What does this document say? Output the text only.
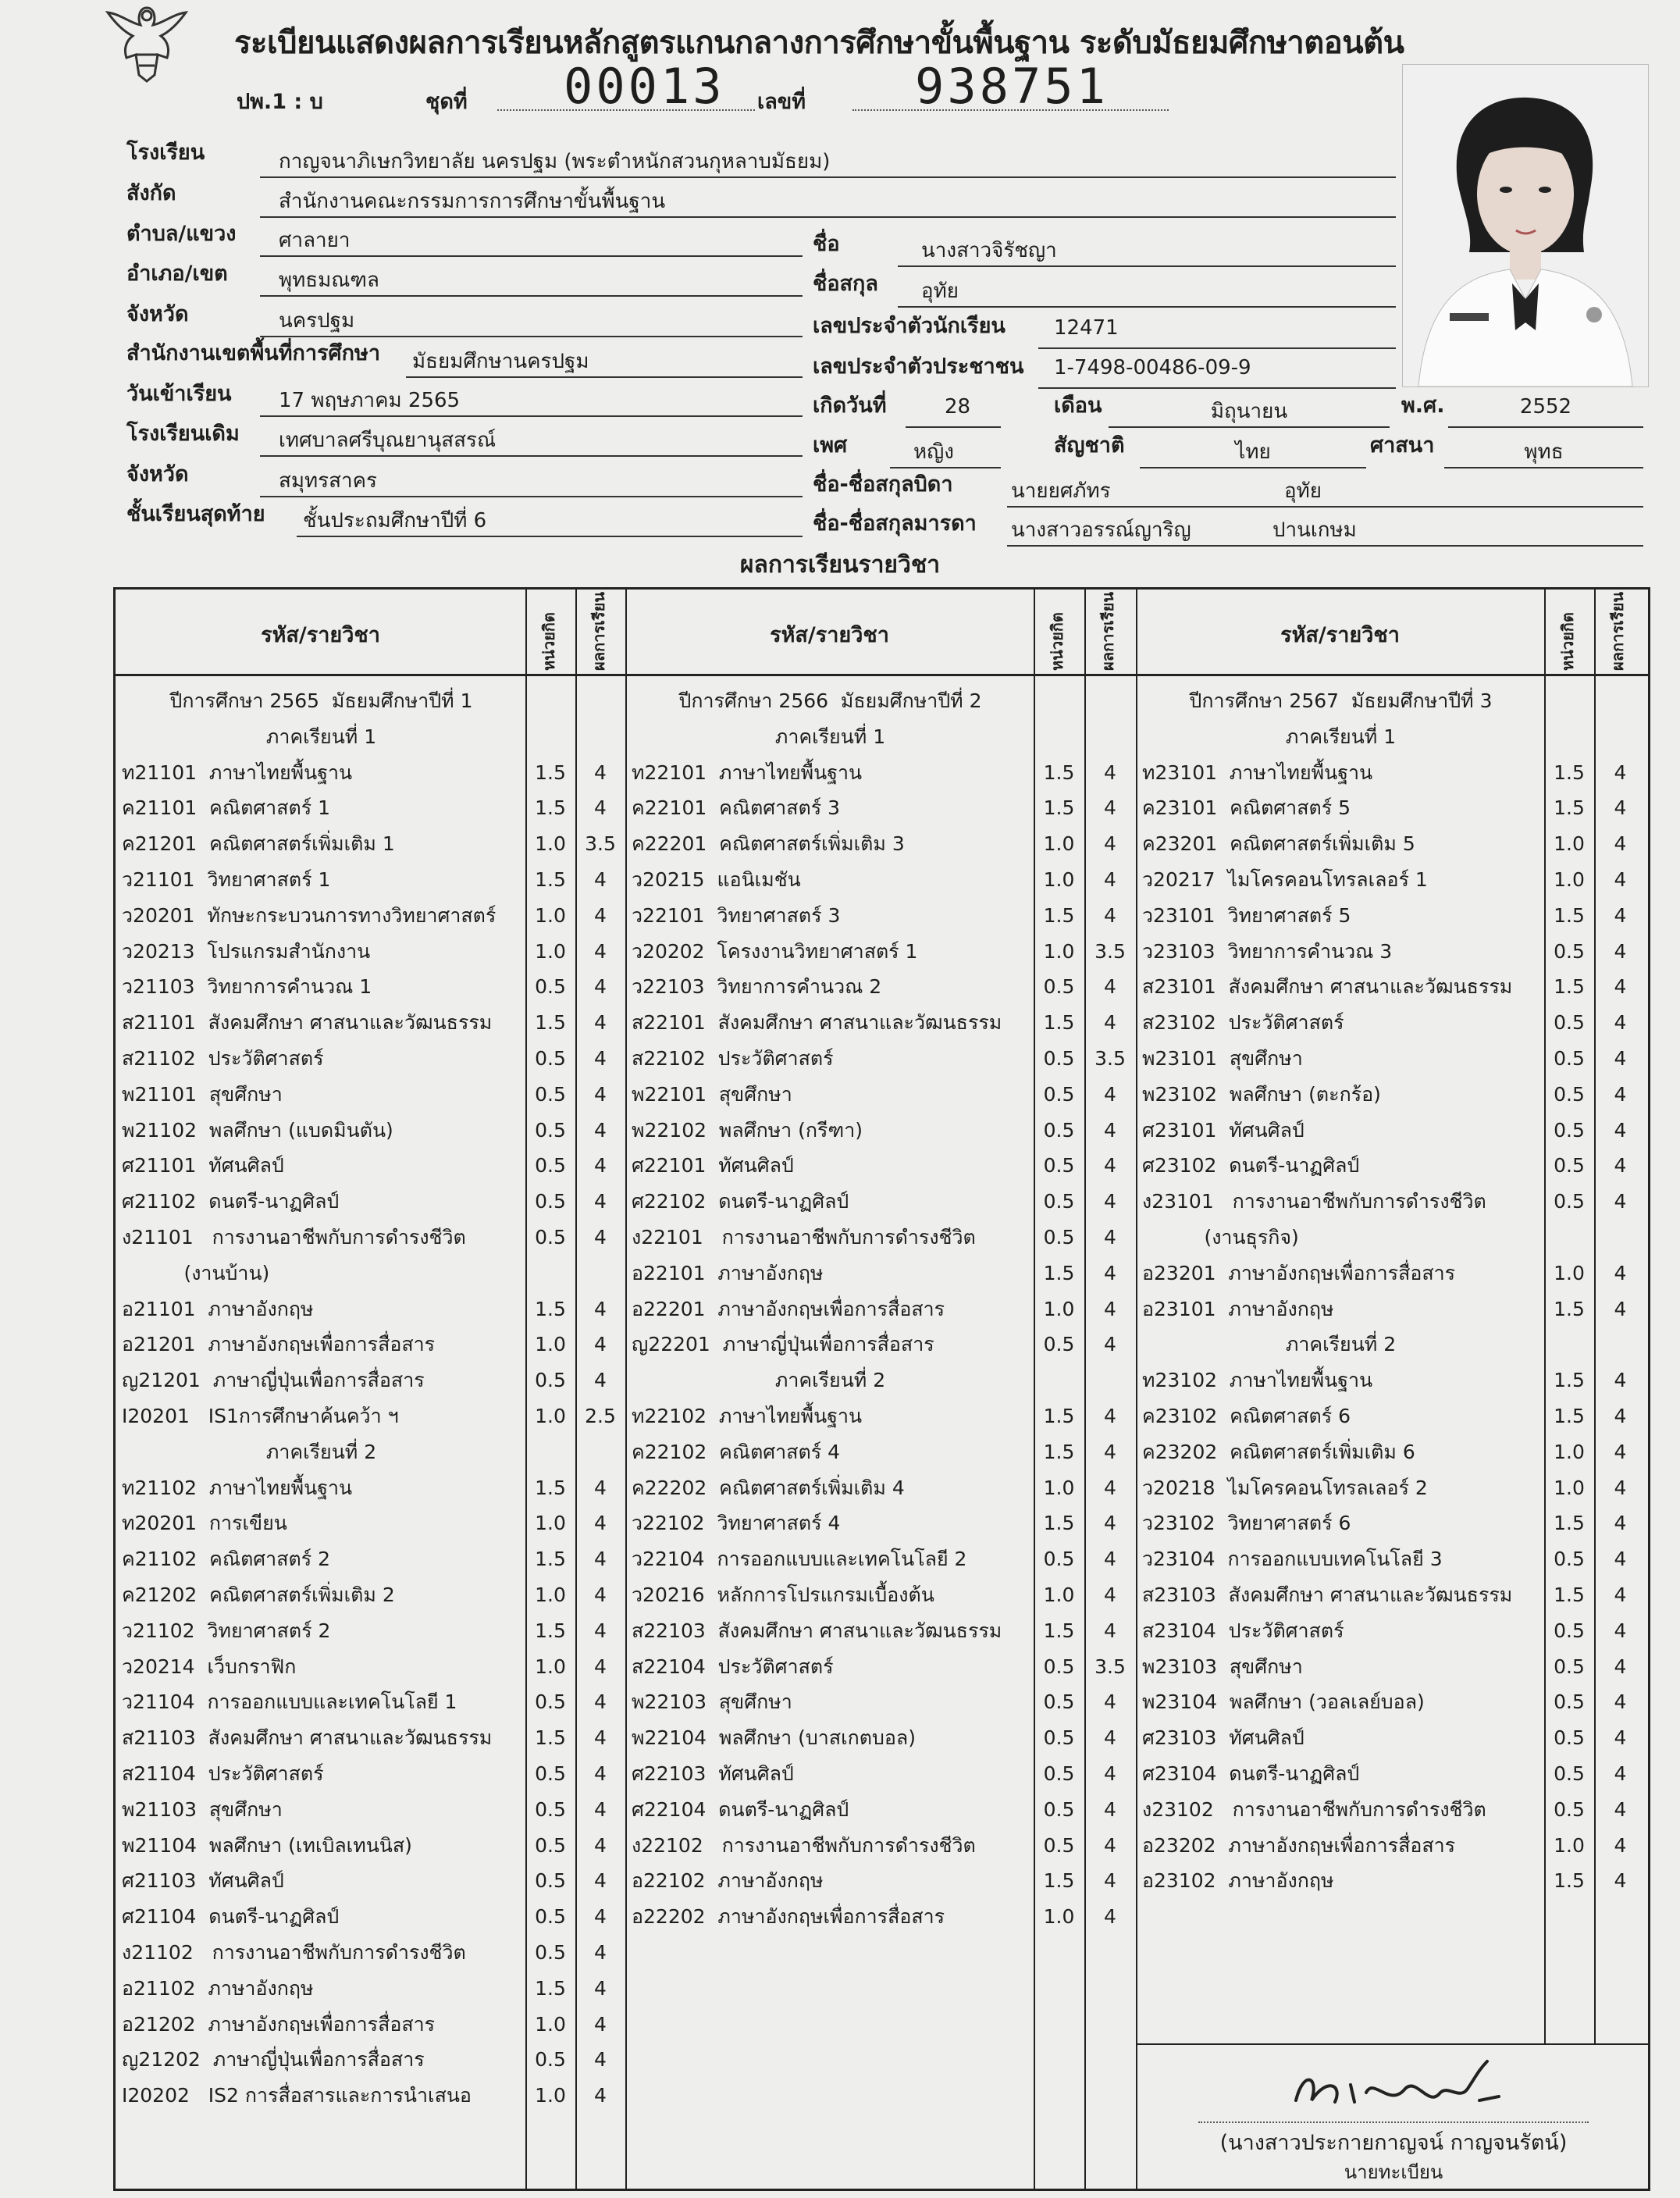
ระเบียนแสดงผลการเรียนหลักสูตรแกนกลางการศึกษาขั้นพื้นฐาน ระดับมัธยมศึกษาตอนต้น
ปพ.1 : บ	ชุดที่ 00013 เลขที่ 938751
โรงเรียน	กาญจนาภิเษกวิทยาลัย นครปฐม (พระตำหนักสวนกุหลาบมัธยม)
สังกัด	สำนักงานคณะกรรมการการศึกษาขั้นพื้นฐาน
ตำบล/แขวง	ศาลายา
อำเภอ/เขต	พุทธมณฑล
จังหวัด	นครปฐม
สำนักงานเขตพื้นที่การศึกษา	มัธยมศึกษานครปฐม
วันเข้าเรียน	17 พฤษภาคม 2565
โรงเรียนเดิม	เทศบาลศรีบุณยานุสสรณ์
จังหวัด	สมุทรสาคร
ชั้นเรียนสุดท้าย	ชั้นประถมศึกษาปีที่ 6
ชื่อ	นางสาวจิรัชญา
ชื่อสกุล	อุทัย
เลขประจำตัวนักเรียน	12471
เลขประจำตัวประชาชน	1-7498-00486-09-9
เกิดวันที่	28	เดือน	มิถุนายน	พ.ศ.	2552
เพศ	หญิง	สัญชาติ	ไทย	ศาสนา	พุทธ
ชื่อ-ชื่อสกุลบิดา	นายยศภัทร	อุทัย
ชื่อ-ชื่อสกุลมารดา นางสาวอรรณ์ญาริญ	ปานเกษม
ผลการเรียนรายวิชา
รหัส/รายวิชา	หน่วยกิต ผลการเรียน
ปีการศึกษา 2565  มัธยมศึกษาปีที่ 1
ภาคเรียนที่ 1
ท21101  ภาษาไทยพื้นฐาน	1.5	4
ค21101  คณิตศาสตร์ 1	1.5	4
ค21201  คณิตศาสตร์เพิ่มเติม 1	1.0 3.5
ว21101  วิทยาศาสตร์ 1	1.5	4
ว20201  ทักษะกระบวนการทางวิทยาศาสตร์	1.0	4
ว20213  โปรแกรมสำนักงาน	1.0	4
ว21103  วิทยาการคำนวณ 1	0.5	4
ส21101  สังคมศึกษา ศาสนาและวัฒนธรรม	1.5	4
ส21102  ประวัติศาสตร์	0.5	4
พ21101  สุขศึกษา	0.5	4
พ21102  พลศึกษา (แบดมินตัน)	0.5	4
ศ21101  ทัศนศิลป์	0.5	4
ศ21102  ดนตรี-นาฏศิลป์	0.5	4
ง21101   การงานอาชีพกับการดำรงชีวิต	0.5	4
(งานบ้าน)
อ21101  ภาษาอังกฤษ	1.5	4
อ21201  ภาษาอังกฤษเพื่อการสื่อสาร	1.0	4
ญ21201  ภาษาญี่ปุ่นเพื่อการสื่อสาร	0.5	4
I20201   IS1การศึกษาค้นคว้า ฯ	1.0 2.5
ภาคเรียนที่ 2
ท21102  ภาษาไทยพื้นฐาน	1.5	4
ท20201  การเขียน	1.0	4
ค21102  คณิตศาสตร์ 2	1.5	4
ค21202  คณิตศาสตร์เพิ่มเติม 2	1.0	4
ว21102  วิทยาศาสตร์ 2	1.5	4
ว20214  เว็บกราฟิก	1.0	4
ว21104  การออกแบบและเทคโนโลยี 1	0.5	4
ส21103  สังคมศึกษา ศาสนาและวัฒนธรรม	1.5	4
ส21104  ประวัติศาสตร์	0.5	4
พ21103  สุขศึกษา	0.5	4
พ21104  พลศึกษา (เทเบิลเทนนิส)	0.5	4
ศ21103  ทัศนศิลป์	0.5	4
ศ21104  ดนตรี-นาฏศิลป์	0.5	4
ง21102   การงานอาชีพกับการดำรงชีวิต	0.5	4
อ21102  ภาษาอังกฤษ	1.5	4
อ21202  ภาษาอังกฤษเพื่อการสื่อสาร	1.0	4
ญ21202  ภาษาญี่ปุ่นเพื่อการสื่อสาร	0.5	4
I20202   IS2 การสื่อสารและการนำเสนอ	1.0	4
รหัส/รายวิชา	หน่วยกิต ผลการเรียน
ปีการศึกษา 2566  มัธยมศึกษาปีที่ 2
ภาคเรียนที่ 1
ท22101  ภาษาไทยพื้นฐาน	1.5	4
ค22101  คณิตศาสตร์ 3	1.5	4
ค22201  คณิตศาสตร์เพิ่มเติม 3	1.0	4
ว20215  แอนิเมชัน	1.0	4
ว22101  วิทยาศาสตร์ 3	1.5	4
ว20202  โครงงานวิทยาศาสตร์ 1	1.0	3.5
ว22103  วิทยาการคำนวณ 2	0.5	4
ส22101  สังคมศึกษา ศาสนาและวัฒนธรรม	1.5	4
ส22102  ประวัติศาสตร์	0.5	3.5
พ22101  สุขศึกษา	0.5	4
พ22102  พลศึกษา (กรีฑา)	0.5	4
ศ22101  ทัศนศิลป์	0.5	4
ศ22102  ดนตรี-นาฏศิลป์	0.5	4
ง22101   การงานอาชีพกับการดำรงชีวิต	0.5	4
อ22101  ภาษาอังกฤษ	1.5	4
อ22201  ภาษาอังกฤษเพื่อการสื่อสาร	1.0	4
ญ22201  ภาษาญี่ปุ่นเพื่อการสื่อสาร	0.5	4
ภาคเรียนที่ 2
ท22102  ภาษาไทยพื้นฐาน	1.5	4
ค22102  คณิตศาสตร์ 4	1.5	4
ค22202  คณิตศาสตร์เพิ่มเติม 4	1.0	4
ว22102  วิทยาศาสตร์ 4	1.5	4
ว22104  การออกแบบและเทคโนโลยี 2	0.5	4
ว20216  หลักการโปรแกรมเบื้องต้น	1.0	4
ส22103  สังคมศึกษา ศาสนาและวัฒนธรรม	1.5	4
ส22104  ประวัติศาสตร์	0.5	3.5
พ22103  สุขศึกษา	0.5	4
พ22104  พลศึกษา (บาสเกตบอล)	0.5	4
ศ22103  ทัศนศิลป์	0.5	4
ศ22104  ดนตรี-นาฏศิลป์	0.5	4
ง22102   การงานอาชีพกับการดำรงชีวิต	0.5	4
อ22102  ภาษาอังกฤษ	1.5	4
อ22202  ภาษาอังกฤษเพื่อการสื่อสาร	1.0	4
รหัส/รายวิชา	หน่วยกิต ผลการเรียน
ปีการศึกษา 2567  มัธยมศึกษาปีที่ 3
ภาคเรียนที่ 1
ท23101  ภาษาไทยพื้นฐาน	1.5	4
ค23101  คณิตศาสตร์ 5	1.5	4
ค23201  คณิตศาสตร์เพิ่มเติม 5	1.0	4
ว20217  ไมโครคอนโทรลเลอร์ 1	1.0	4
ว23101  วิทยาศาสตร์ 5	1.5	4
ว23103  วิทยาการคำนวณ 3	0.5	4
ส23101  สังคมศึกษา ศาสนาและวัฒนธรรม	1.5	4
ส23102  ประวัติศาสตร์	0.5	4
พ23101  สุขศึกษา	0.5	4
พ23102  พลศึกษา (ตะกร้อ)	0.5	4
ศ23101  ทัศนศิลป์	0.5	4
ศ23102  ดนตรี-นาฏศิลป์	0.5	4
ง23101   การงานอาชีพกับการดำรงชีวิต	0.5	4
(งานธุรกิจ)
อ23201  ภาษาอังกฤษเพื่อการสื่อสาร	1.0	4
อ23101  ภาษาอังกฤษ	1.5	4
ภาคเรียนที่ 2
ท23102  ภาษาไทยพื้นฐาน	1.5	4
ค23102  คณิตศาสตร์ 6	1.5	4
ค23202  คณิตศาสตร์เพิ่มเติม 6	1.0	4
ว20218  ไมโครคอนโทรลเลอร์ 2	1.0	4
ว23102  วิทยาศาสตร์ 6	1.5	4
ว23104  การออกแบบเทคโนโลยี 3	0.5	4
ส23103  สังคมศึกษา ศาสนาและวัฒนธรรม	1.5	4
ส23104  ประวัติศาสตร์	0.5	4
พ23103  สุขศึกษา	0.5	4
พ23104  พลศึกษา (วอลเลย์บอล)	0.5	4
ศ23103  ทัศนศิลป์	0.5	4
ศ23104  ดนตรี-นาฏศิลป์	0.5	4
ง23102   การงานอาชีพกับการดำรงชีวิต	0.5	4
อ23202  ภาษาอังกฤษเพื่อการสื่อสาร	1.0	4
อ23102  ภาษาอังกฤษ	1.5	4
(นางสาวประกายกาญจน์ กาญจนรัตน์)
นายทะเบียน
